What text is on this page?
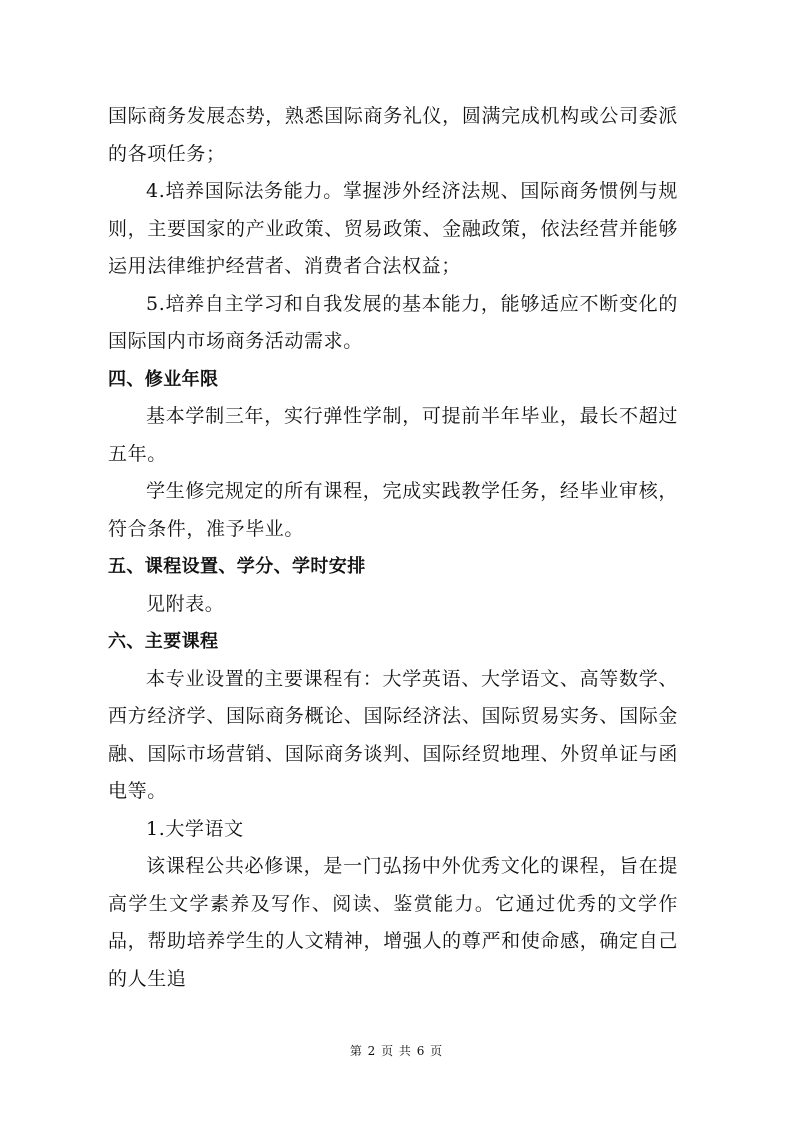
国际商务发展态势，熟悉国际商务礼仪，圆满完成机构或公司委派的各项任务；

4.培养国际法务能力。掌握涉外经济法规、国际商务惯例与规则，主要国家的产业政策、贸易政策、金融政策，依法经营并能够运用法律维护经营者、消费者合法权益；

5.培养自主学习和自我发展的基本能力，能够适应不断变化的国际国内市场商务活动需求。

四、修业年限

基本学制三年，实行弹性学制，可提前半年毕业，最长不超过五年。

学生修完规定的所有课程，完成实践教学任务，经毕业审核，符合条件，准予毕业。

五、课程设置、学分、学时安排

见附表。

六、主要课程

本专业设置的主要课程有：大学英语、大学语文、高等数学、西方经济学、国际商务概论、国际经济法、国际贸易实务、国际金融、国际市场营销、国际商务谈判、国际经贸地理、外贸单证与函电等。

1.大学语文

该课程公共必修课，是一门弘扬中外优秀文化的课程，旨在提高学生文学素养及写作、阅读、鉴赏能力。它通过优秀的文学作品，帮助培养学生的人文精神，增强人的尊严和使命感，确定自己的人生追

第 2 页 共 6 页
